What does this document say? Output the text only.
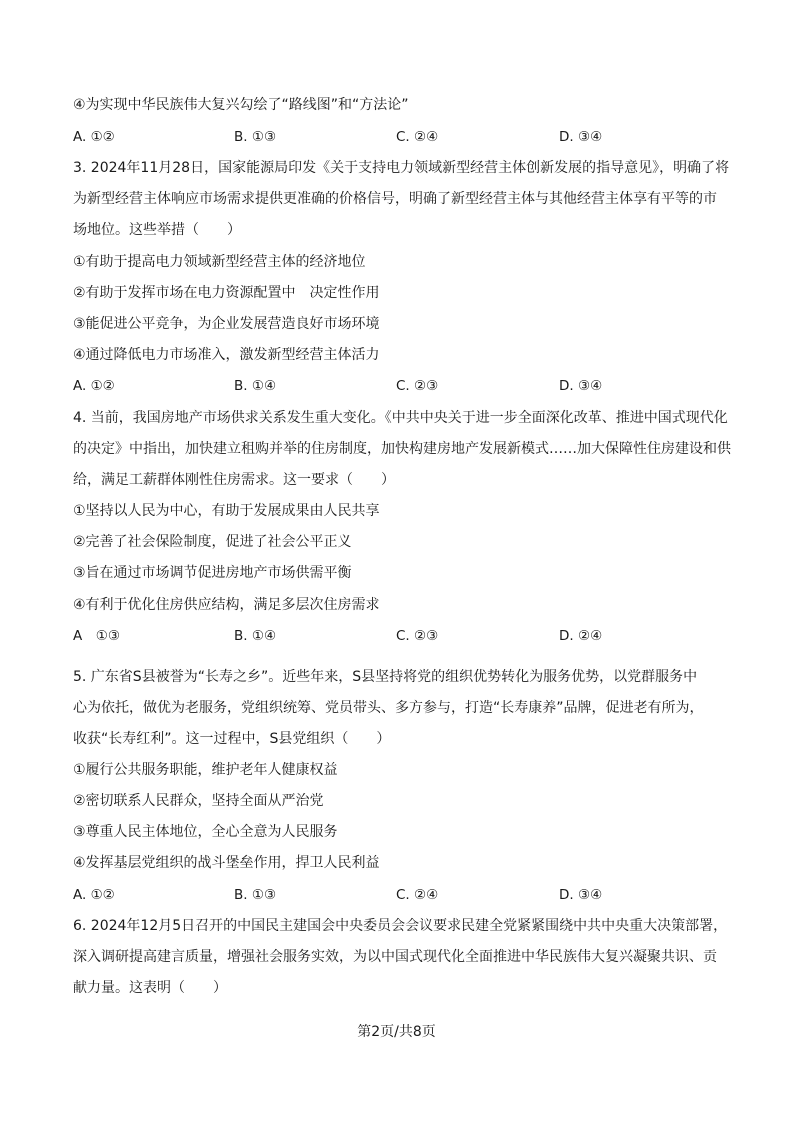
④为实现中华民族伟大复兴勾绘了“路线图”和“方法论”
A. ①②	B. ①③	C. ②④	D. ③④
3. 2024年11月28日，国家能源局印发《关于支持电力领域新型经营主体创新发展的指导意见》，明确了将
为新型经营主体响应市场需求提供更准确的价格信号，明确了新型经营主体与其他经营主体享有平等的市
场地位。这些举措（　　）
①有助于提高电力领域新型经营主体的经济地位
②有助于发挥市场在电力资源配置中　决定性作用
③能促进公平竞争，为企业发展营造良好市场环境
④通过降低电力市场准入，激发新型经营主体活力
A. ①②	B. ①④	C. ②③	D. ③④
4. 当前，我国房地产市场供求关系发生重大变化。《中共中央关于进一步全面深化改革、推进中国式现代化
的决定》中指出，加快建立租购并举的住房制度，加快构建房地产发展新模式……加大保障性住房建设和供
给，满足工薪群体刚性住房需求。这一要求（　　）
①坚持以人民为中心，有助于发展成果由人民共享
②完善了社会保险制度，促进了社会公平正义
③旨在通过市场调节促进房地产市场供需平衡
④有利于优化住房供应结构，满足多层次住房需求
A　①③	B. ①④	C. ②③	D. ②④
5. 广东省S县被誉为“长寿之乡”。近些年来，S县坚持将党的组织优势转化为服务优势，以党群服务中
心为依托，做优为老服务，党组织统筹、党员带头、多方参与，打造“长寿康养”品牌，促进老有所为，
收获“长寿红利”。这一过程中，S县党组织（　　）
①履行公共服务职能，维护老年人健康权益
②密切联系人民群众，坚持全面从严治党
③尊重人民主体地位，全心全意为人民服务
④发挥基层党组织的战斗堡垒作用，捍卫人民利益
A. ①②	B. ①③	C. ②④	D. ③④
6. 2024年12月5日召开的中国民主建国会中央委员会会议要求民建全党紧紧围绕中共中央重大决策部署，
深入调研提高建言质量，增强社会服务实效，为以中国式现代化全面推进中华民族伟大复兴凝聚共识、贡
献力量。这表明（　　）
第2页/共8页
